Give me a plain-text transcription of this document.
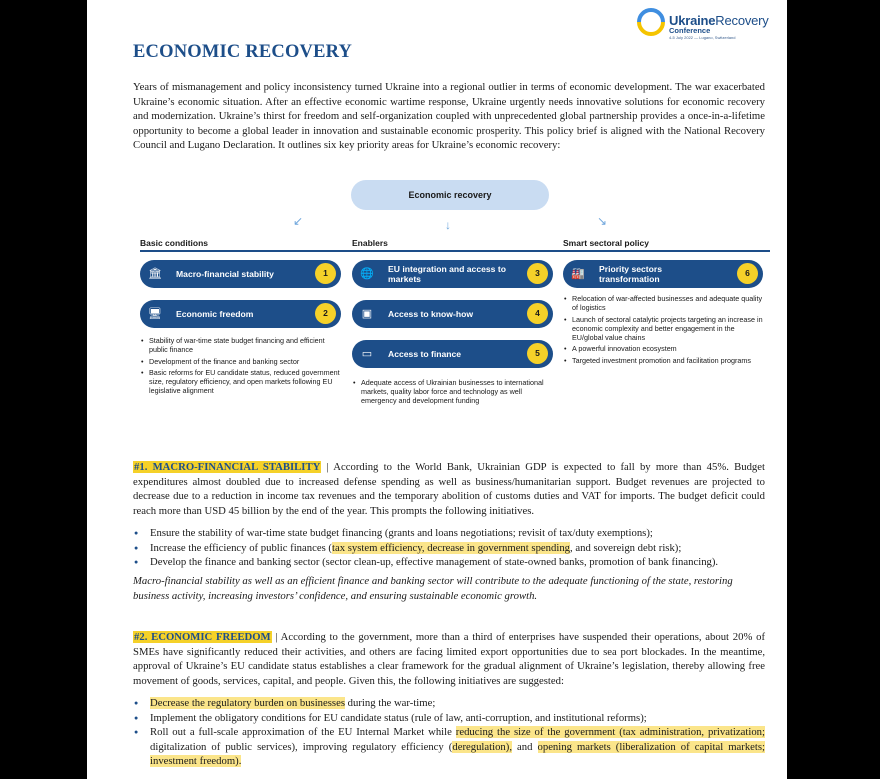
UkraineRecovery
Conference
4-5 July 2022 — Lugano, Switzerland
ECONOMIC RECOVERY

Years of mismanagement and policy inconsistency turned Ukraine into a regional outlier in terms of economic development. The war exacerbated Ukraine’s economic situation. After an effective economic wartime response, Ukraine urgently needs innovative solutions for economic recovery and modernization. Ukraine’s thirst for freedom and self-organization coupled with unprecedented global partnership provides a once-in-a-lifetime opportunity to become a global leader in innovation and sustainable economic prosperity. This policy brief is aligned with the National Recovery Council and Lugano Declaration. It outlines six key priority areas for Ukraine’s economic recovery:

Economic recovery
↙	↓	↘
Basic conditions	Enablers	Smart sectoral policy
🏛 Macro-financial stability	1
🖥 Economic freedom	2
• Stability of war-time state budget financing and efficient public finance
• Development of the finance and banking sector
• Basic reforms for EU candidate status, reduced government size, regulatory efficiency, and open markets following EU legislative alignment
🌐 EU integration and access to markets
3
▣	Access to know-how	4
▭	Access to finance	5
• Adequate access of Ukrainian businesses to international markets, quality labor force and technology as well emergency and development funding
🏭 Priority sectors transformation
6
• Relocation of war-affected businesses and adequate quality of logistics
• Launch of sectoral catalytic projects targeting an increase in economic complexity and better engagement in the EU/global value chains
• A powerful innovation ecosystem
• Targeted investment promotion and facilitation programs

#1. MACRO-FINANCIAL STABILITY | According to the World Bank, Ukrainian GDP is expected to fall by more than 45%. Budget expenditures almost doubled due to increased defense spending as well as business/humanitarian support. Budget revenues are projected to decrease due to a reduction in income tax revenues and the temporary abolition of customs duties and VAT for imports. The budget deficit could reach more than USD 45 billion by the end of the year. This prompts the following initiatives.

● Ensure the stability of war-time state budget financing (grants and loans negotiations; revisit of tax/duty exemptions);
● Increase the efficiency of public finances (tax system efficiency, decrease in government spending, and sovereign debt risk);
● Develop the finance and banking sector (sector clean-up, effective management of state-owned banks, promotion of bank financing).

Macro-financial stability as well as an efficient finance and banking sector will contribute to the adequate functioning of the state, restoring business activity, increasing investors’ confidence, and ensuring sustainable economic growth.

#2. ECONOMIC FREEDOM | According to the government, more than a third of enterprises have suspended their operations, about 20% of SMEs have significantly reduced their activities, and others are facing limited export opportunities due to sea port blockades. In the meantime, approval of Ukraine’s EU candidate status establishes a clear framework for the gradual alignment of Ukraine’s legislation, thereby allowing free movement of goods, services, capital, and people. Given this, the following initiatives are suggested:

● Decrease the regulatory burden on businesses during the war-time;
● Implement the obligatory conditions for EU candidate status (rule of law, anti-corruption, and institutional reforms);
● Roll out a full-scale approximation of the EU Internal Market while reducing the size of the government (tax administration, privatization; digitalization of public services), improving regulatory efficiency (deregulation), and opening markets (liberalization of capital markets; investment freedom).
